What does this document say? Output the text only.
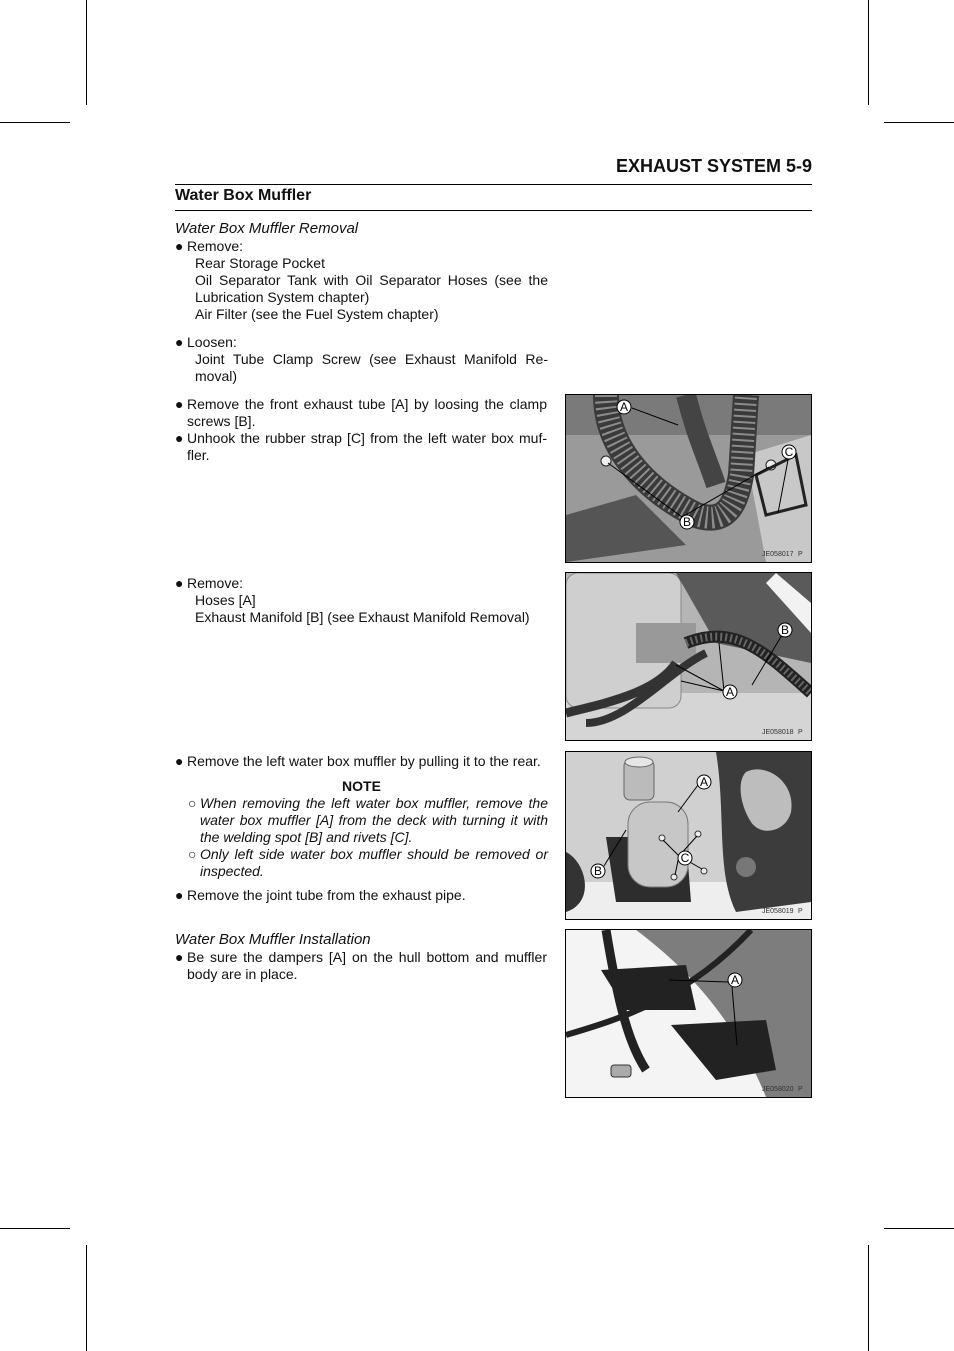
EXHAUST SYSTEM 5-9
Water Box Muffler
Water Box Muffler Removal
● Remove:
Rear Storage Pocket
Oil Separator Tank with Oil Separator Hoses (see the Lubrication System chapter)
Air Filter (see the Fuel System chapter)
● Loosen:
Joint Tube Clamp Screw (see Exhaust Manifold Re-moval)
● Remove the front exhaust tube [A] by loosing the clamp screws [B].
● Unhook the rubber strap [C] from the left water box muf-fler.
● Remove:
Hoses [A]
Exhaust Manifold [B] (see Exhaust Manifold Removal)
● Remove the left water box muffler by pulling it to the rear.
NOTE
○ When removing the left water box muffler, remove the water box muffler [A] from the deck with turning it with the welding spot [B] and rivets [C].
○ Only left side water box muffler should be removed or inspected.
● Remove the joint tube from the exhaust pipe.
Water Box Muffler Installation
● Be sure the dampers [A] on the hull bottom and muffler body are in place.
A
B
C
JE058017 P
B
A
JE058018 P
A
B
C
JE058019 P
A
JE058020 P
